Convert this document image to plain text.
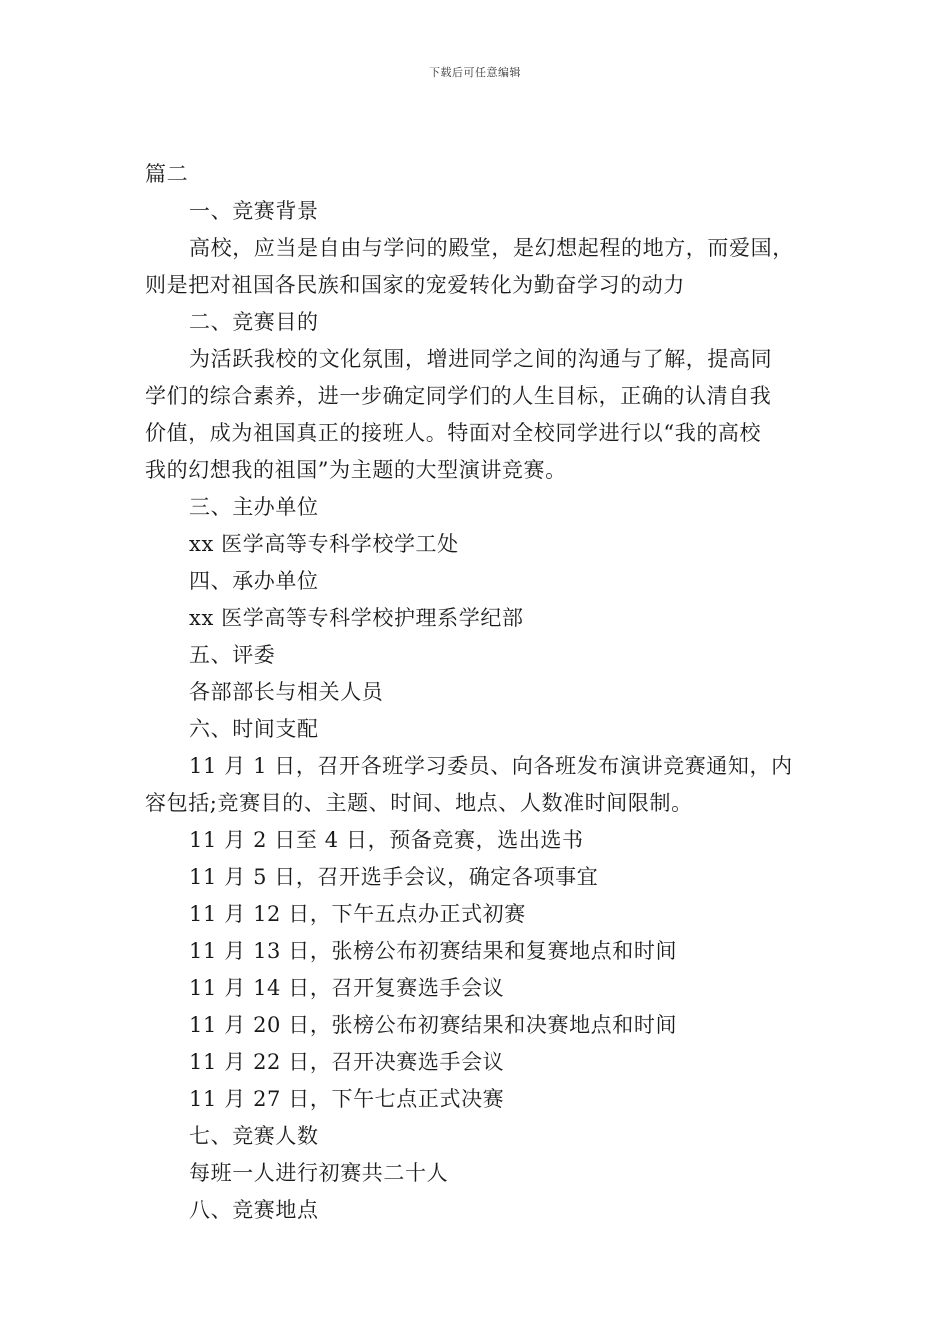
下载后可任意编辑
篇二
一、竞赛背景
高校，应当是自由与学问的殿堂，是幻想起程的地方，而爱国，
则是把对祖国各民族和国家的宠爱转化为勤奋学习的动力
二、竞赛目的
为活跃我校的文化氛围，增进同学之间的沟通与了解，提高同
学们的综合素养，进一步确定同学们的人生目标，正确的认清自我
价值，成为祖国真正的接班人。特面对全校同学进行以“我的高校
我的幻想我的祖国”为主题的大型演讲竞赛。
三、主办单位
xx 医学高等专科学校学工处
四、承办单位
xx 医学高等专科学校护理系学纪部
五、评委
各部部长与相关人员
六、时间支配
11 月 1 日，召开各班学习委员、向各班发布演讲竞赛通知，内
容包括;竞赛目的、主题、时间、地点、人数准时间限制。
11 月 2 日至 4 日，预备竞赛，选出选书
11 月 5 日，召开选手会议，确定各项事宜
11 月 12 日，下午五点办正式初赛
11 月 13 日，张榜公布初赛结果和复赛地点和时间
11 月 14 日，召开复赛选手会议
11 月 20 日，张榜公布初赛结果和决赛地点和时间
11 月 22 日，召开决赛选手会议
11 月 27 日，下午七点正式决赛
七、竞赛人数
每班一人进行初赛共二十人
八、竞赛地点
